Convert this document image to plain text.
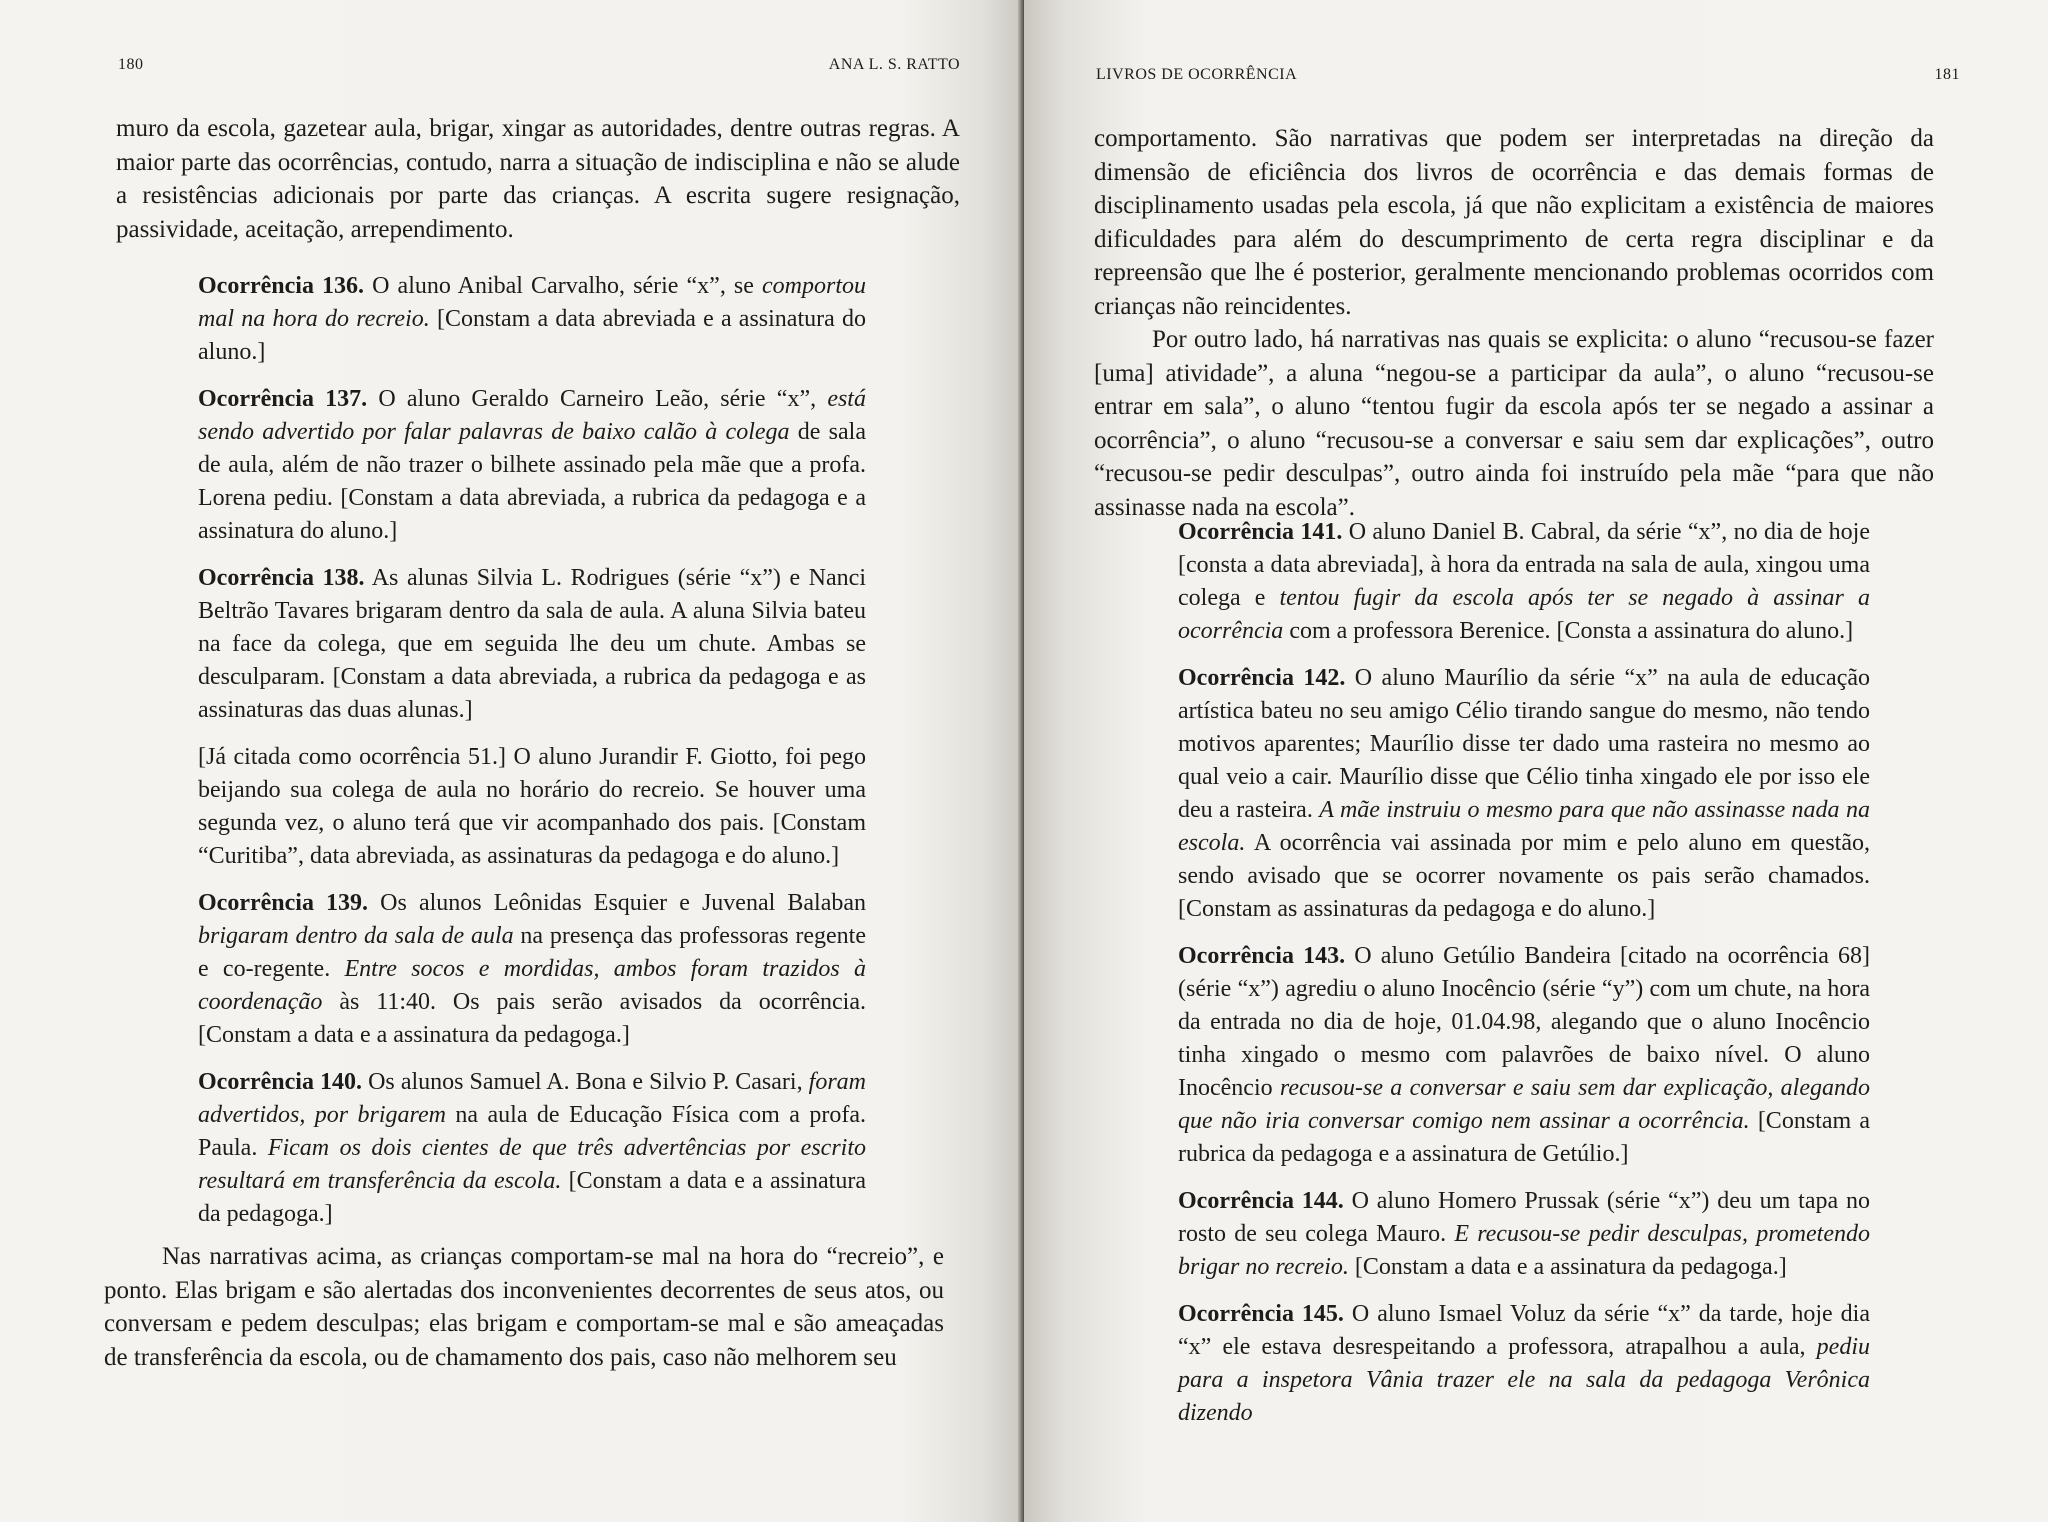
180	ANA L. S. RATTO

muro da escola, gazetear aula, brigar, xingar as autoridades, dentre outras regras. A maior parte das ocorrências, contudo, narra a situação de indisciplina e não se alude a resistências adicionais por parte das crianças. A escrita sugere resignação, passividade, aceitação, arrependimento.

Ocorrência 136. O aluno Anibal Carvalho, série “x”, se comportou mal na hora do recreio. [Constam a data abreviada e a assinatura do aluno.]

Ocorrência 137. O aluno Geraldo Carneiro Leão, série “x”, está sendo advertido por falar palavras de baixo calão à colega de sala de aula, além de não trazer o bilhete assinado pela mãe que a profa. Lorena pediu. [Constam a data abreviada, a rubrica da pedagoga e a assinatura do aluno.]

Ocorrência 138. As alunas Silvia L. Rodrigues (série “x”) e Nanci Beltrão Tavares brigaram dentro da sala de aula. A aluna Silvia bateu na face da colega, que em seguida lhe deu um chute. Ambas se desculparam. [Constam a data abreviada, a rubrica da pedagoga e as assinaturas das duas alunas.]

[Já citada como ocorrência 51.] O aluno Jurandir F. Giotto, foi pego beijando sua colega de aula no horário do recreio. Se houver uma segunda vez, o aluno terá que vir acompanhado dos pais. [Constam “Curitiba”, data abreviada, as assinaturas da pedagoga e do aluno.]

Ocorrência 139. Os alunos Leônidas Esquier e Juvenal Balaban brigaram dentro da sala de aula na presença das professoras regente e co-regente. Entre socos e mordidas, ambos foram trazidos à coordenação às 11:40. Os pais serão avisados da ocorrência. [Constam a data e a assinatura da pedagoga.]

Ocorrência 140. Os alunos Samuel A. Bona e Silvio P. Casari, foram advertidos, por brigarem na aula de Educação Física com a profa. Paula. Ficam os dois cientes de que três advertências por escrito resultará em transferência da escola. [Constam a data e a assinatura da pedagoga.]

Nas narrativas acima, as crianças comportam-se mal na hora do “recreio”, e ponto. Elas brigam e são alertadas dos inconvenientes decorrentes de seus atos, ou conversam e pedem desculpas; elas brigam e comportam-se mal e são ameaçadas de transferência da escola, ou de chamamento dos pais, caso não melhorem seu

LIVROS DE OCORRÊNCIA	181

comportamento. São narrativas que podem ser interpretadas na direção da dimensão de eficiência dos livros de ocorrência e das demais formas de disciplinamento usadas pela escola, já que não explicitam a existência de maiores dificuldades para além do descumprimento de certa regra disciplinar e da repreensão que lhe é posterior, geralmente mencionando problemas ocorridos com crianças não reincidentes.

Por outro lado, há narrativas nas quais se explicita: o aluno “recusou-se fazer [uma] atividade”, a aluna “negou-se a participar da aula”, o aluno “recusou-se entrar em sala”, o aluno “tentou fugir da escola após ter se negado a assinar a ocorrência”, o aluno “recusou-se a conversar e saiu sem dar explicações”, outro “recusou-se pedir desculpas”, outro ainda foi instruído pela mãe “para que não assinasse nada na escola”.

Ocorrência 141. O aluno Daniel B. Cabral, da série “x”, no dia de hoje [consta a data abreviada], à hora da entrada na sala de aula, xingou uma colega e tentou fugir da escola após ter se negado à assinar a ocorrência com a professora Berenice. [Consta a assinatura do aluno.]

Ocorrência 142. O aluno Maurílio da série “x” na aula de educação artística bateu no seu amigo Célio tirando sangue do mesmo, não tendo motivos aparentes; Maurílio disse ter dado uma rasteira no mesmo ao qual veio a cair. Maurílio disse que Célio tinha xingado ele por isso ele deu a rasteira. A mãe instruiu o mesmo para que não assinasse nada na escola. A ocorrência vai assinada por mim e pelo aluno em questão, sendo avisado que se ocorrer novamente os pais serão chamados. [Constam as assinaturas da pedagoga e do aluno.]

Ocorrência 143. O aluno Getúlio Bandeira [citado na ocorrência 68] (série “x”) agrediu o aluno Inocêncio (série “y”) com um chute, na hora da entrada no dia de hoje, 01.04.98, alegando que o aluno Inocêncio tinha xingado o mesmo com palavrões de baixo nível. O aluno Inocêncio recusou-se a conversar e saiu sem dar explicação, alegando que não iria conversar comigo nem assinar a ocorrência. [Constam a rubrica da pedagoga e a assinatura de Getúlio.]

Ocorrência 144. O aluno Homero Prussak (série “x”) deu um tapa no rosto de seu colega Mauro. E recusou-se pedir desculpas, prometendo brigar no recreio. [Constam a data e a assinatura da pedagoga.]

Ocorrência 145. O aluno Ismael Voluz da série “x” da tarde, hoje dia “x” ele estava desrespeitando a professora, atrapalhou a aula, pediu para a inspetora Vânia trazer ele na sala da pedagoga Verônica dizendo
